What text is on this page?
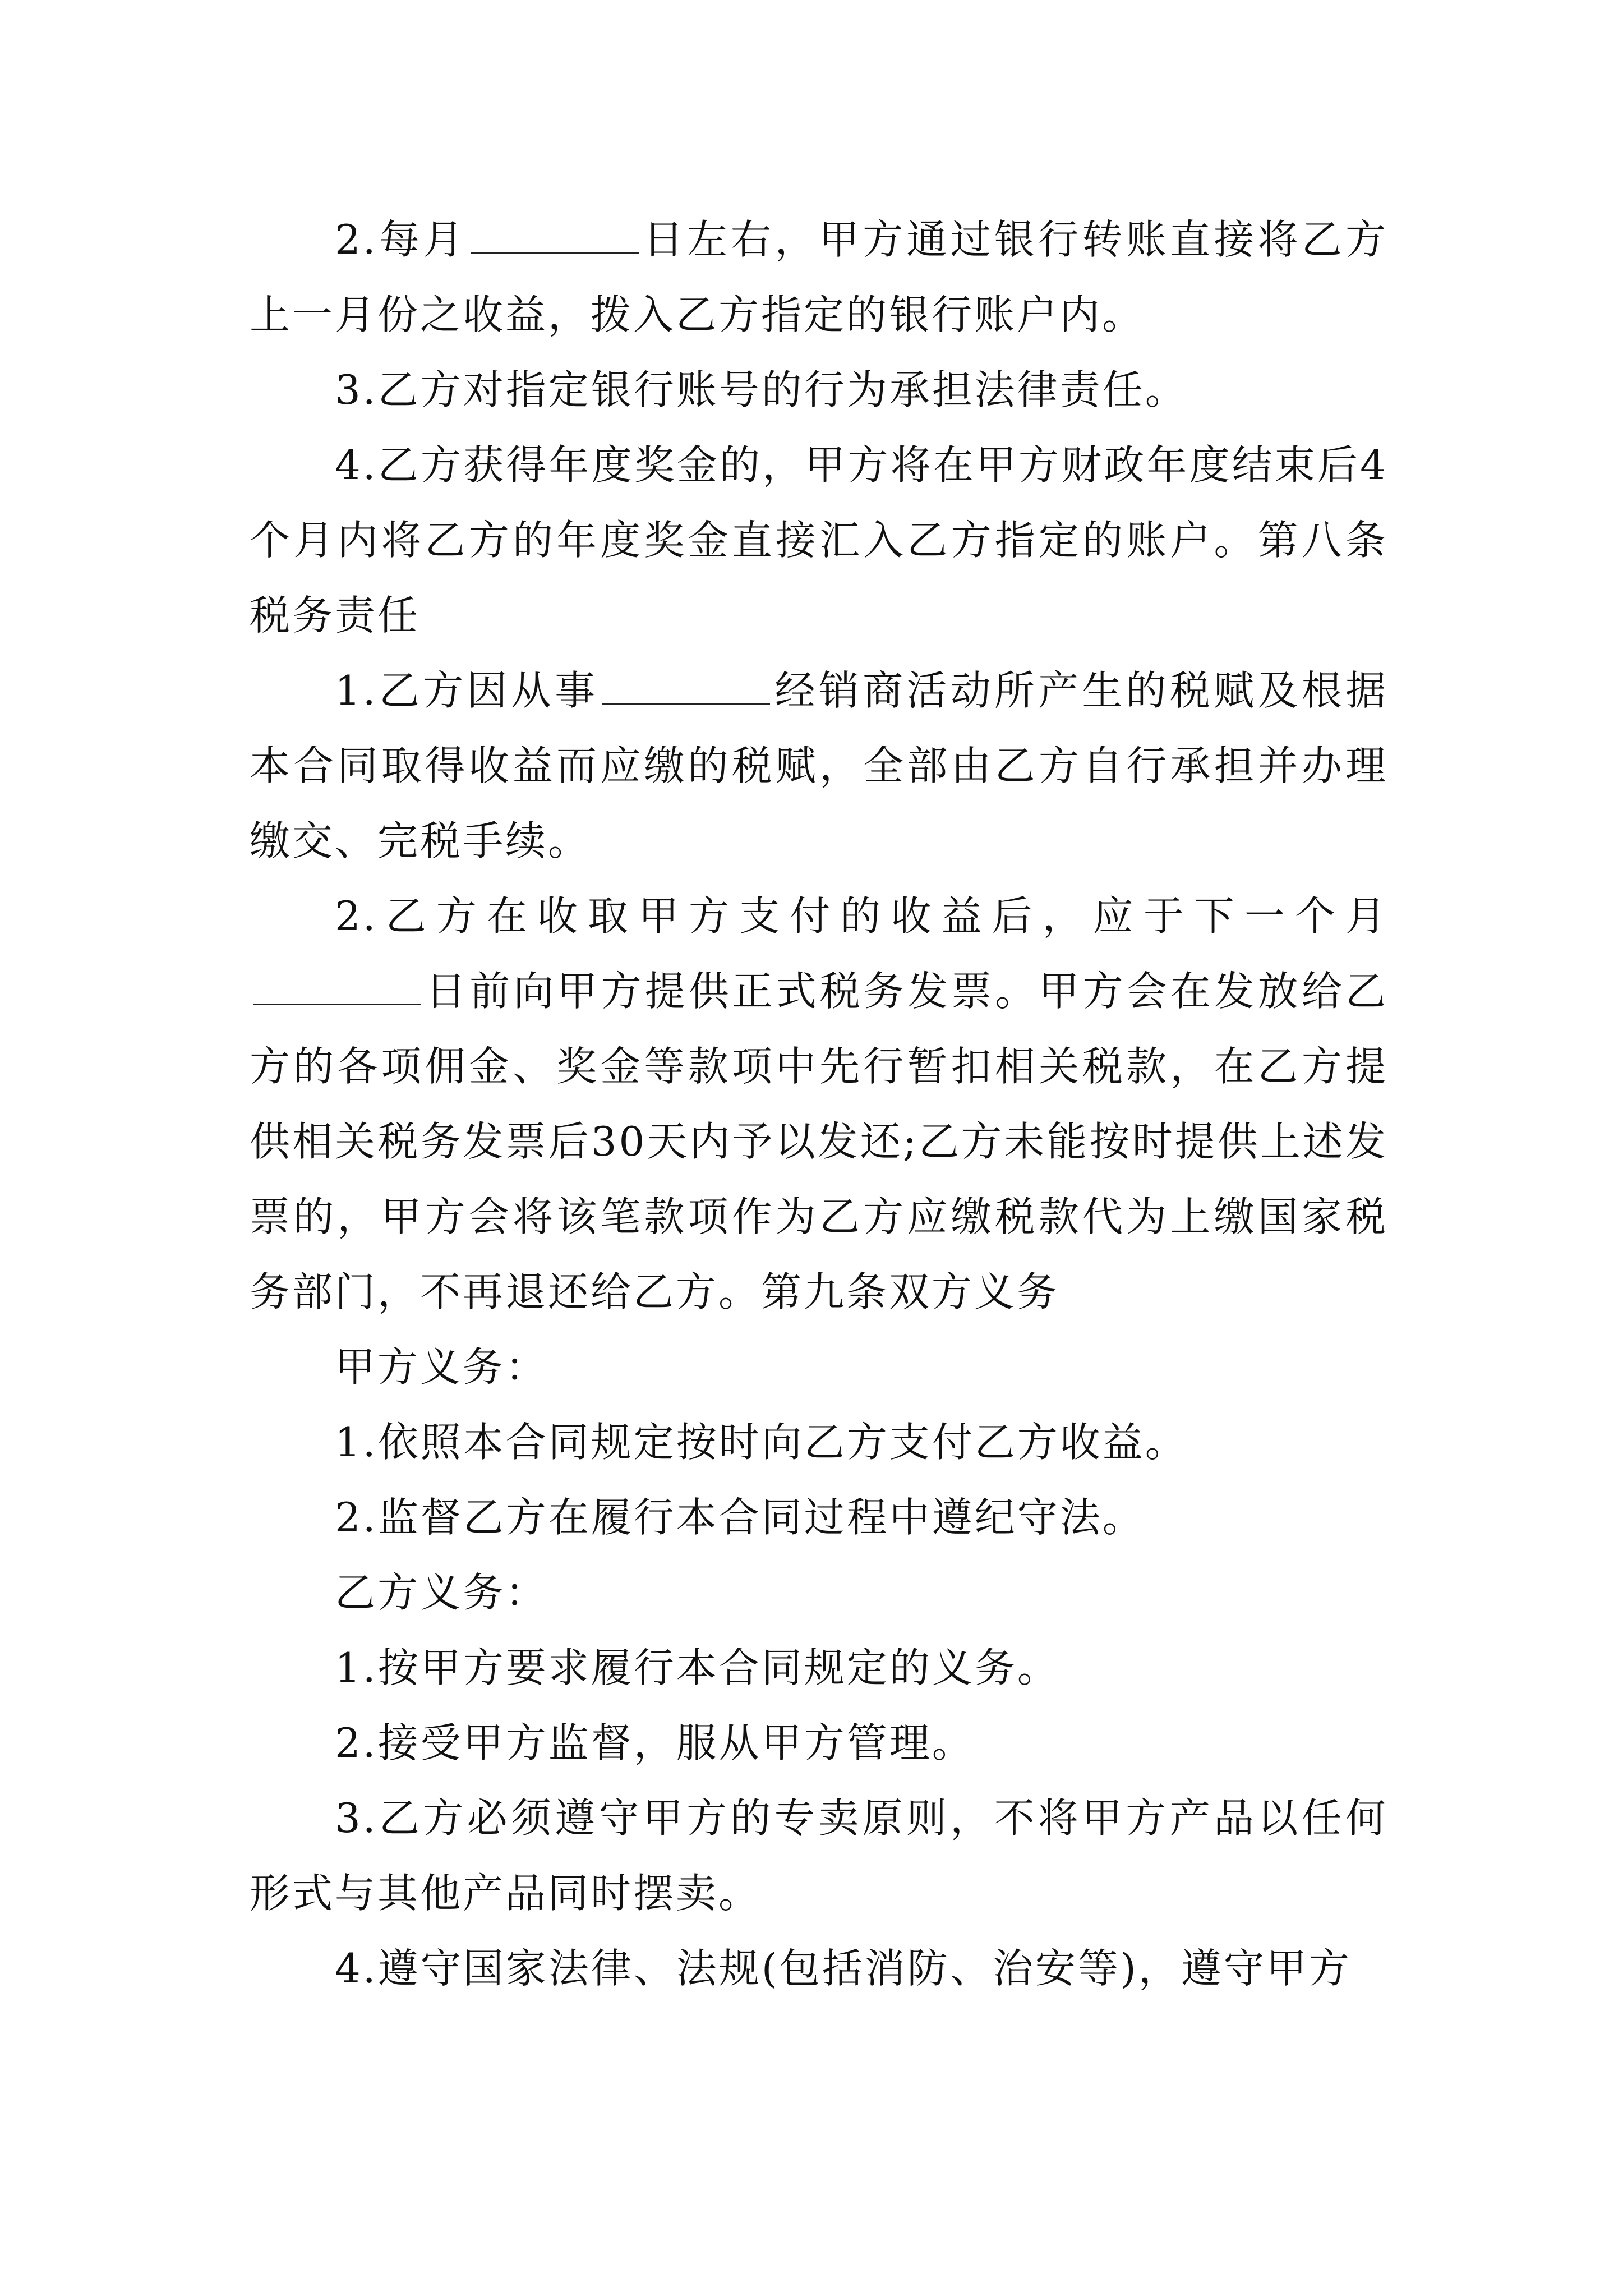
2.每月	日左右，甲方通过银行转账直接将乙方上一月份之收益，拨入乙方指定的银行账户内。

3.乙方对指定银行账号的行为承担法律责任。

4.乙方获得年度奖金的，甲方将在甲方财政年度结束后4个月内将乙方的年度奖金直接汇入乙方指定的账户。第八条税务责任

1.乙方因从事	经销商活动所产生的税赋及根据本合同取得收益而应缴的税赋，全部由乙方自行承担并办理缴交、完税手续。

2.乙方在收取甲方支付的收益后，应于下一个月日前向甲方提供正式税务发票。甲方会在发放给乙方的各项佣金、奖金等款项中先行暂扣相关税款，在乙方提供相关税务发票后30天内予以发还;乙方未能按时提供上述发票的，甲方会将该笔款项作为乙方应缴税款代为上缴国家税务部门，不再退还给乙方。第九条双方义务

甲方义务：

1.依照本合同规定按时向乙方支付乙方收益。

2.监督乙方在履行本合同过程中遵纪守法。

乙方义务：

1.按甲方要求履行本合同规定的义务。

2.接受甲方监督，服从甲方管理。

3.乙方必须遵守甲方的专卖原则，不将甲方产品以任何形式与其他产品同时摆卖。

4.遵守国家法律、法规(包括消防、治安等)，遵守甲方
